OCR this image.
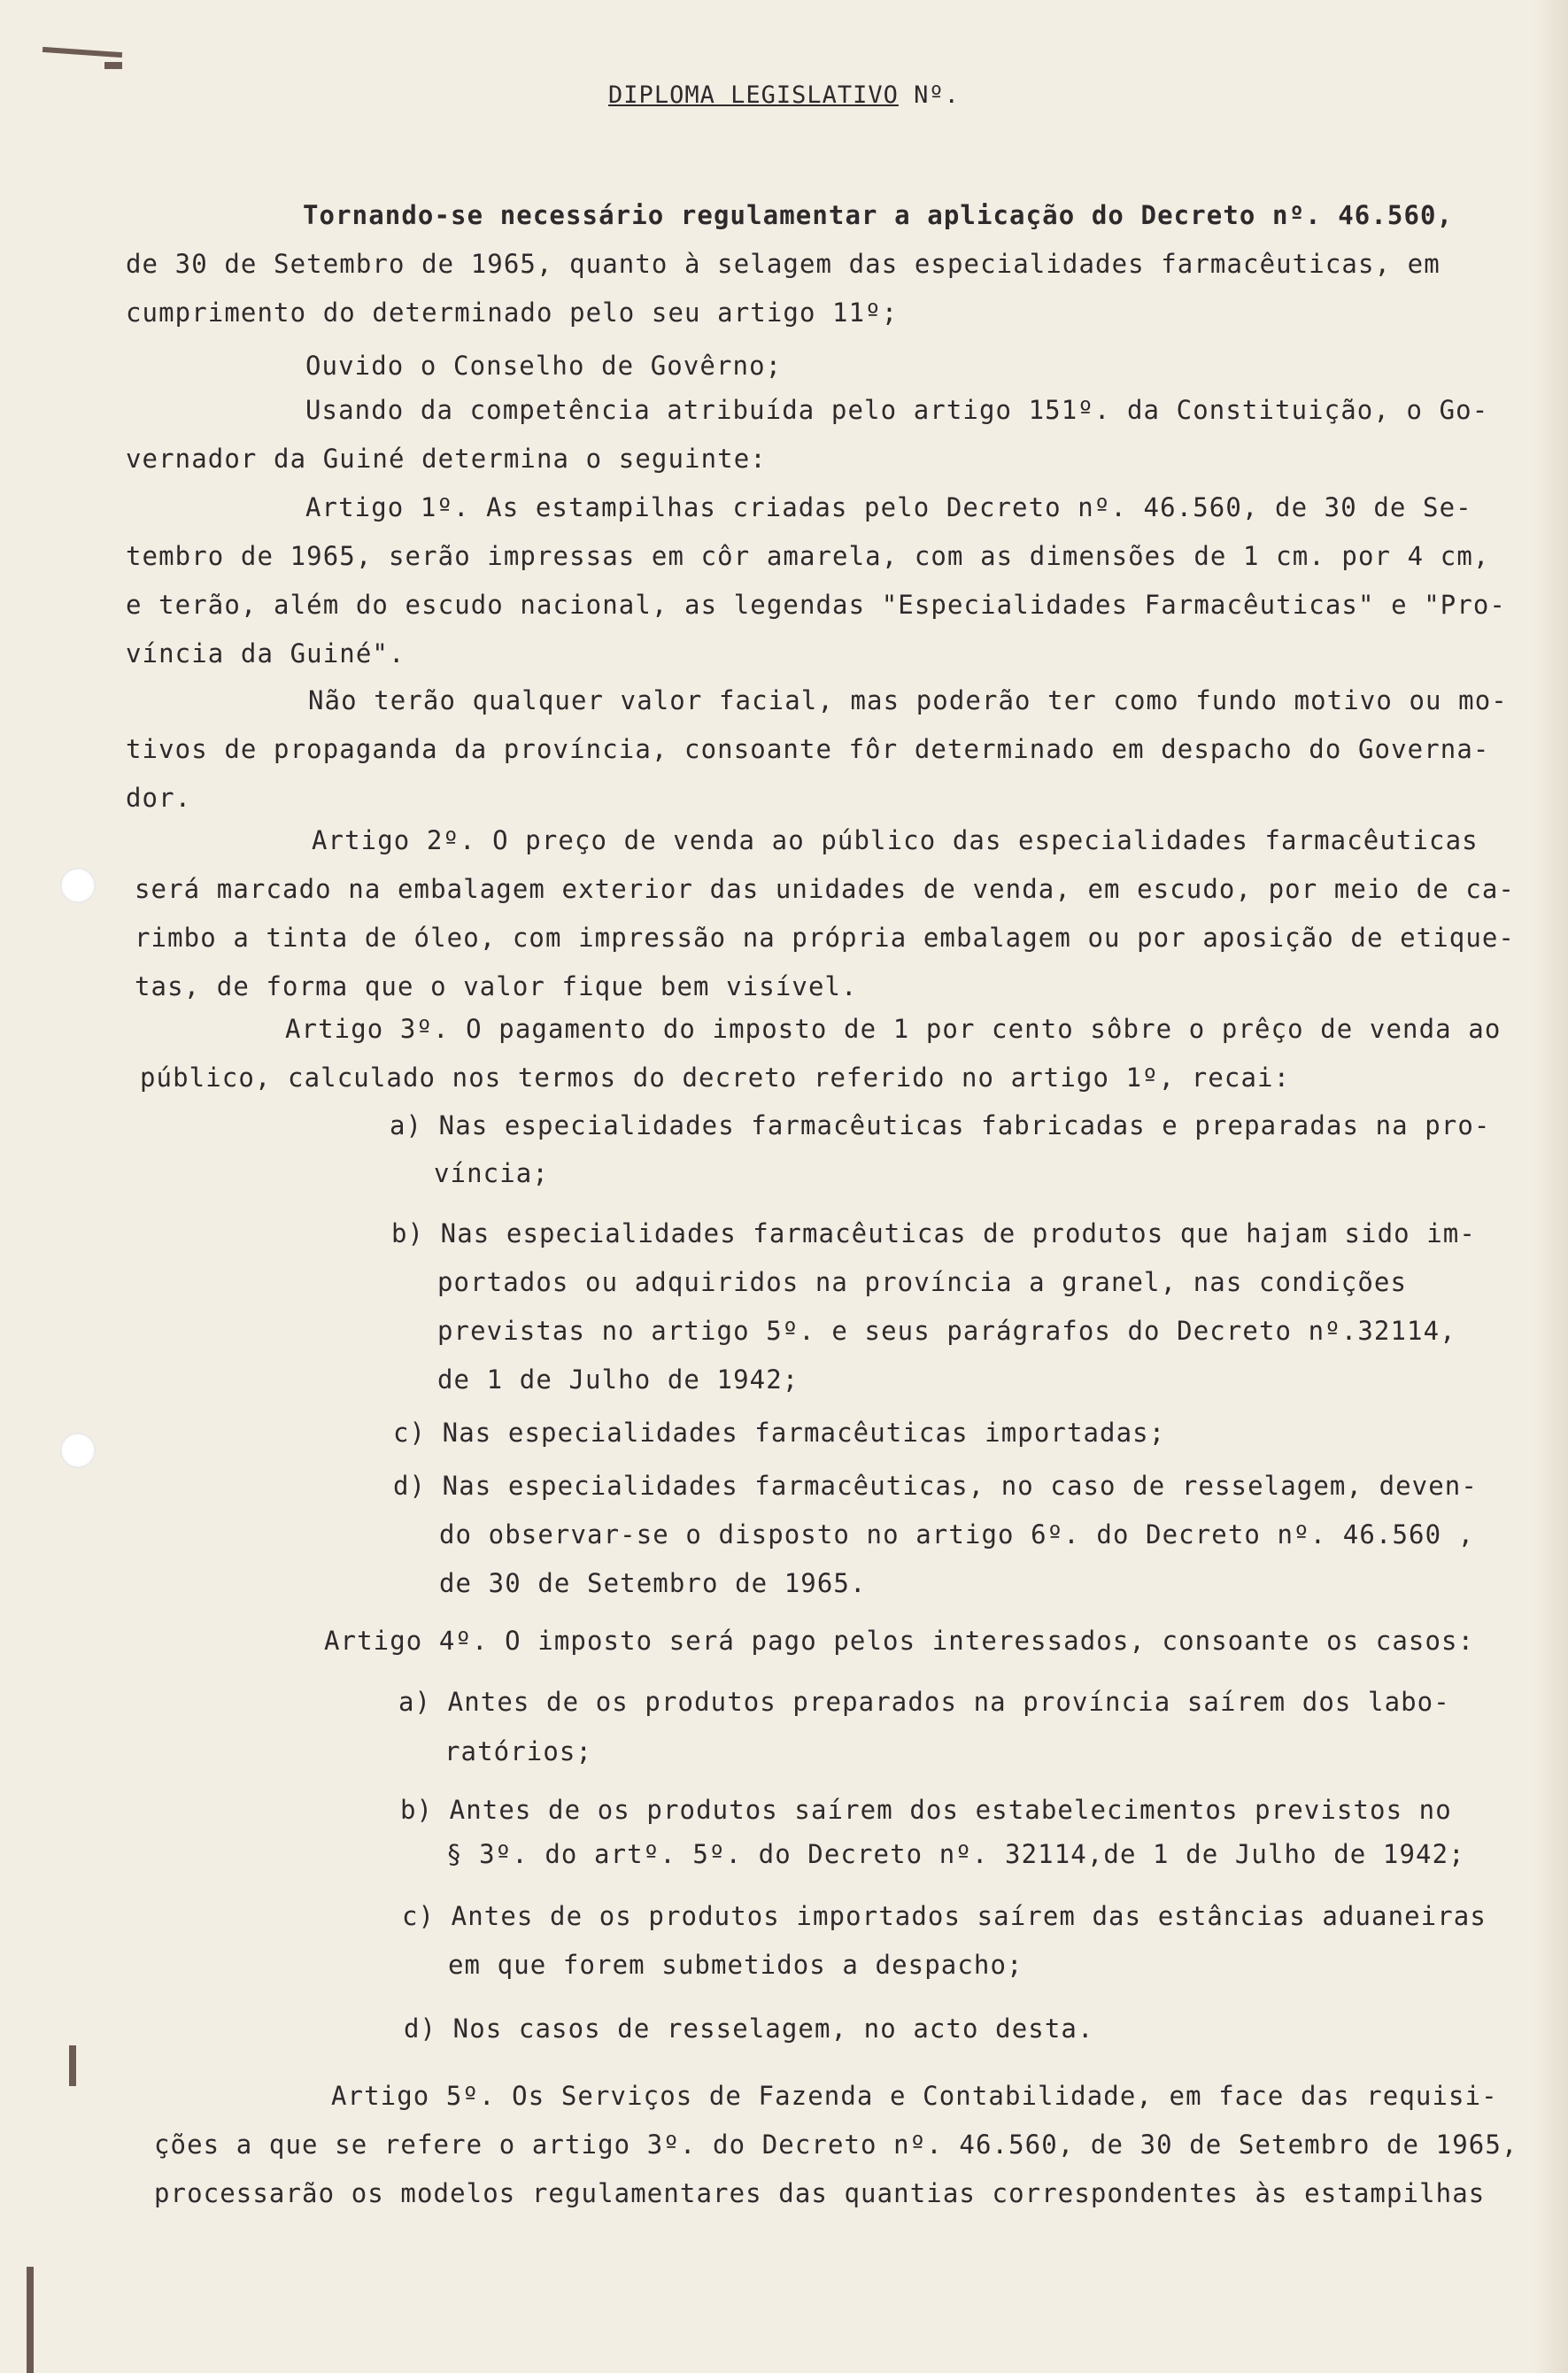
DIPLOMA LEGISLATIVO Nº.
Tornando-se necessário regulamentar a aplicação do Decreto nº. 46.560,
de 30 de Setembro de 1965, quanto à selagem das especialidades farmacêuticas, em
cumprimento do determinado pelo seu artigo 11º;
Ouvido o Conselho de Govêrno;
Usando da competência atribuída pelo artigo 151º. da Constituição, o Go-
vernador da Guiné determina o seguinte:
Artigo 1º. As estampilhas criadas pelo Decreto nº. 46.560, de 30 de Se-
tembro de 1965, serão impressas em côr amarela, com as dimensões de 1 cm. por 4 cm,
e terão, além do escudo nacional, as legendas "Especialidades Farmacêuticas" e "Pro-
víncia da Guiné".
Não terão qualquer valor facial, mas poderão ter como fundo motivo ou mo-
tivos de propaganda da província, consoante fôr determinado em despacho do Governa-
dor.
Artigo 2º. O preço de venda ao público das especialidades farmacêuticas
será marcado na embalagem exterior das unidades de venda, em escudo, por meio de ca-
rimbo a tinta de óleo, com impressão na própria embalagem ou por aposição de etique-
tas, de forma que o valor fique bem visível.
Artigo 3º. O pagamento do imposto de 1 por cento sôbre o prêço de venda ao
público, calculado nos termos do decreto referido no artigo 1º, recai:
a) Nas especialidades farmacêuticas fabricadas e preparadas na pro-
víncia;
b) Nas especialidades farmacêuticas de produtos que hajam sido im-
portados ou adquiridos na província a granel, nas condições
previstas no artigo 5º. e seus parágrafos do Decreto nº.32114,
de 1 de Julho de 1942;
c) Nas especialidades farmacêuticas importadas;
d) Nas especialidades farmacêuticas, no caso de resselagem, deven-
do observar-se o disposto no artigo 6º. do Decreto nº. 46.560 ,
de 30 de Setembro de 1965.
Artigo 4º. O imposto será pago pelos interessados, consoante os casos:
a) Antes de os produtos preparados na província saírem dos labo-
ratórios;
b) Antes de os produtos saírem dos estabelecimentos previstos no
§ 3º. do artº. 5º. do Decreto nº. 32114,de 1 de Julho de 1942;
c) Antes de os produtos importados saírem das estâncias aduaneiras
em que forem submetidos a despacho;
d) Nos casos de resselagem, no acto desta.
Artigo 5º. Os Serviços de Fazenda e Contabilidade, em face das requisi-
ções a que se refere o artigo 3º. do Decreto nº. 46.560, de 30 de Setembro de 1965,
processarão os modelos regulamentares das quantias correspondentes às estampilhas
